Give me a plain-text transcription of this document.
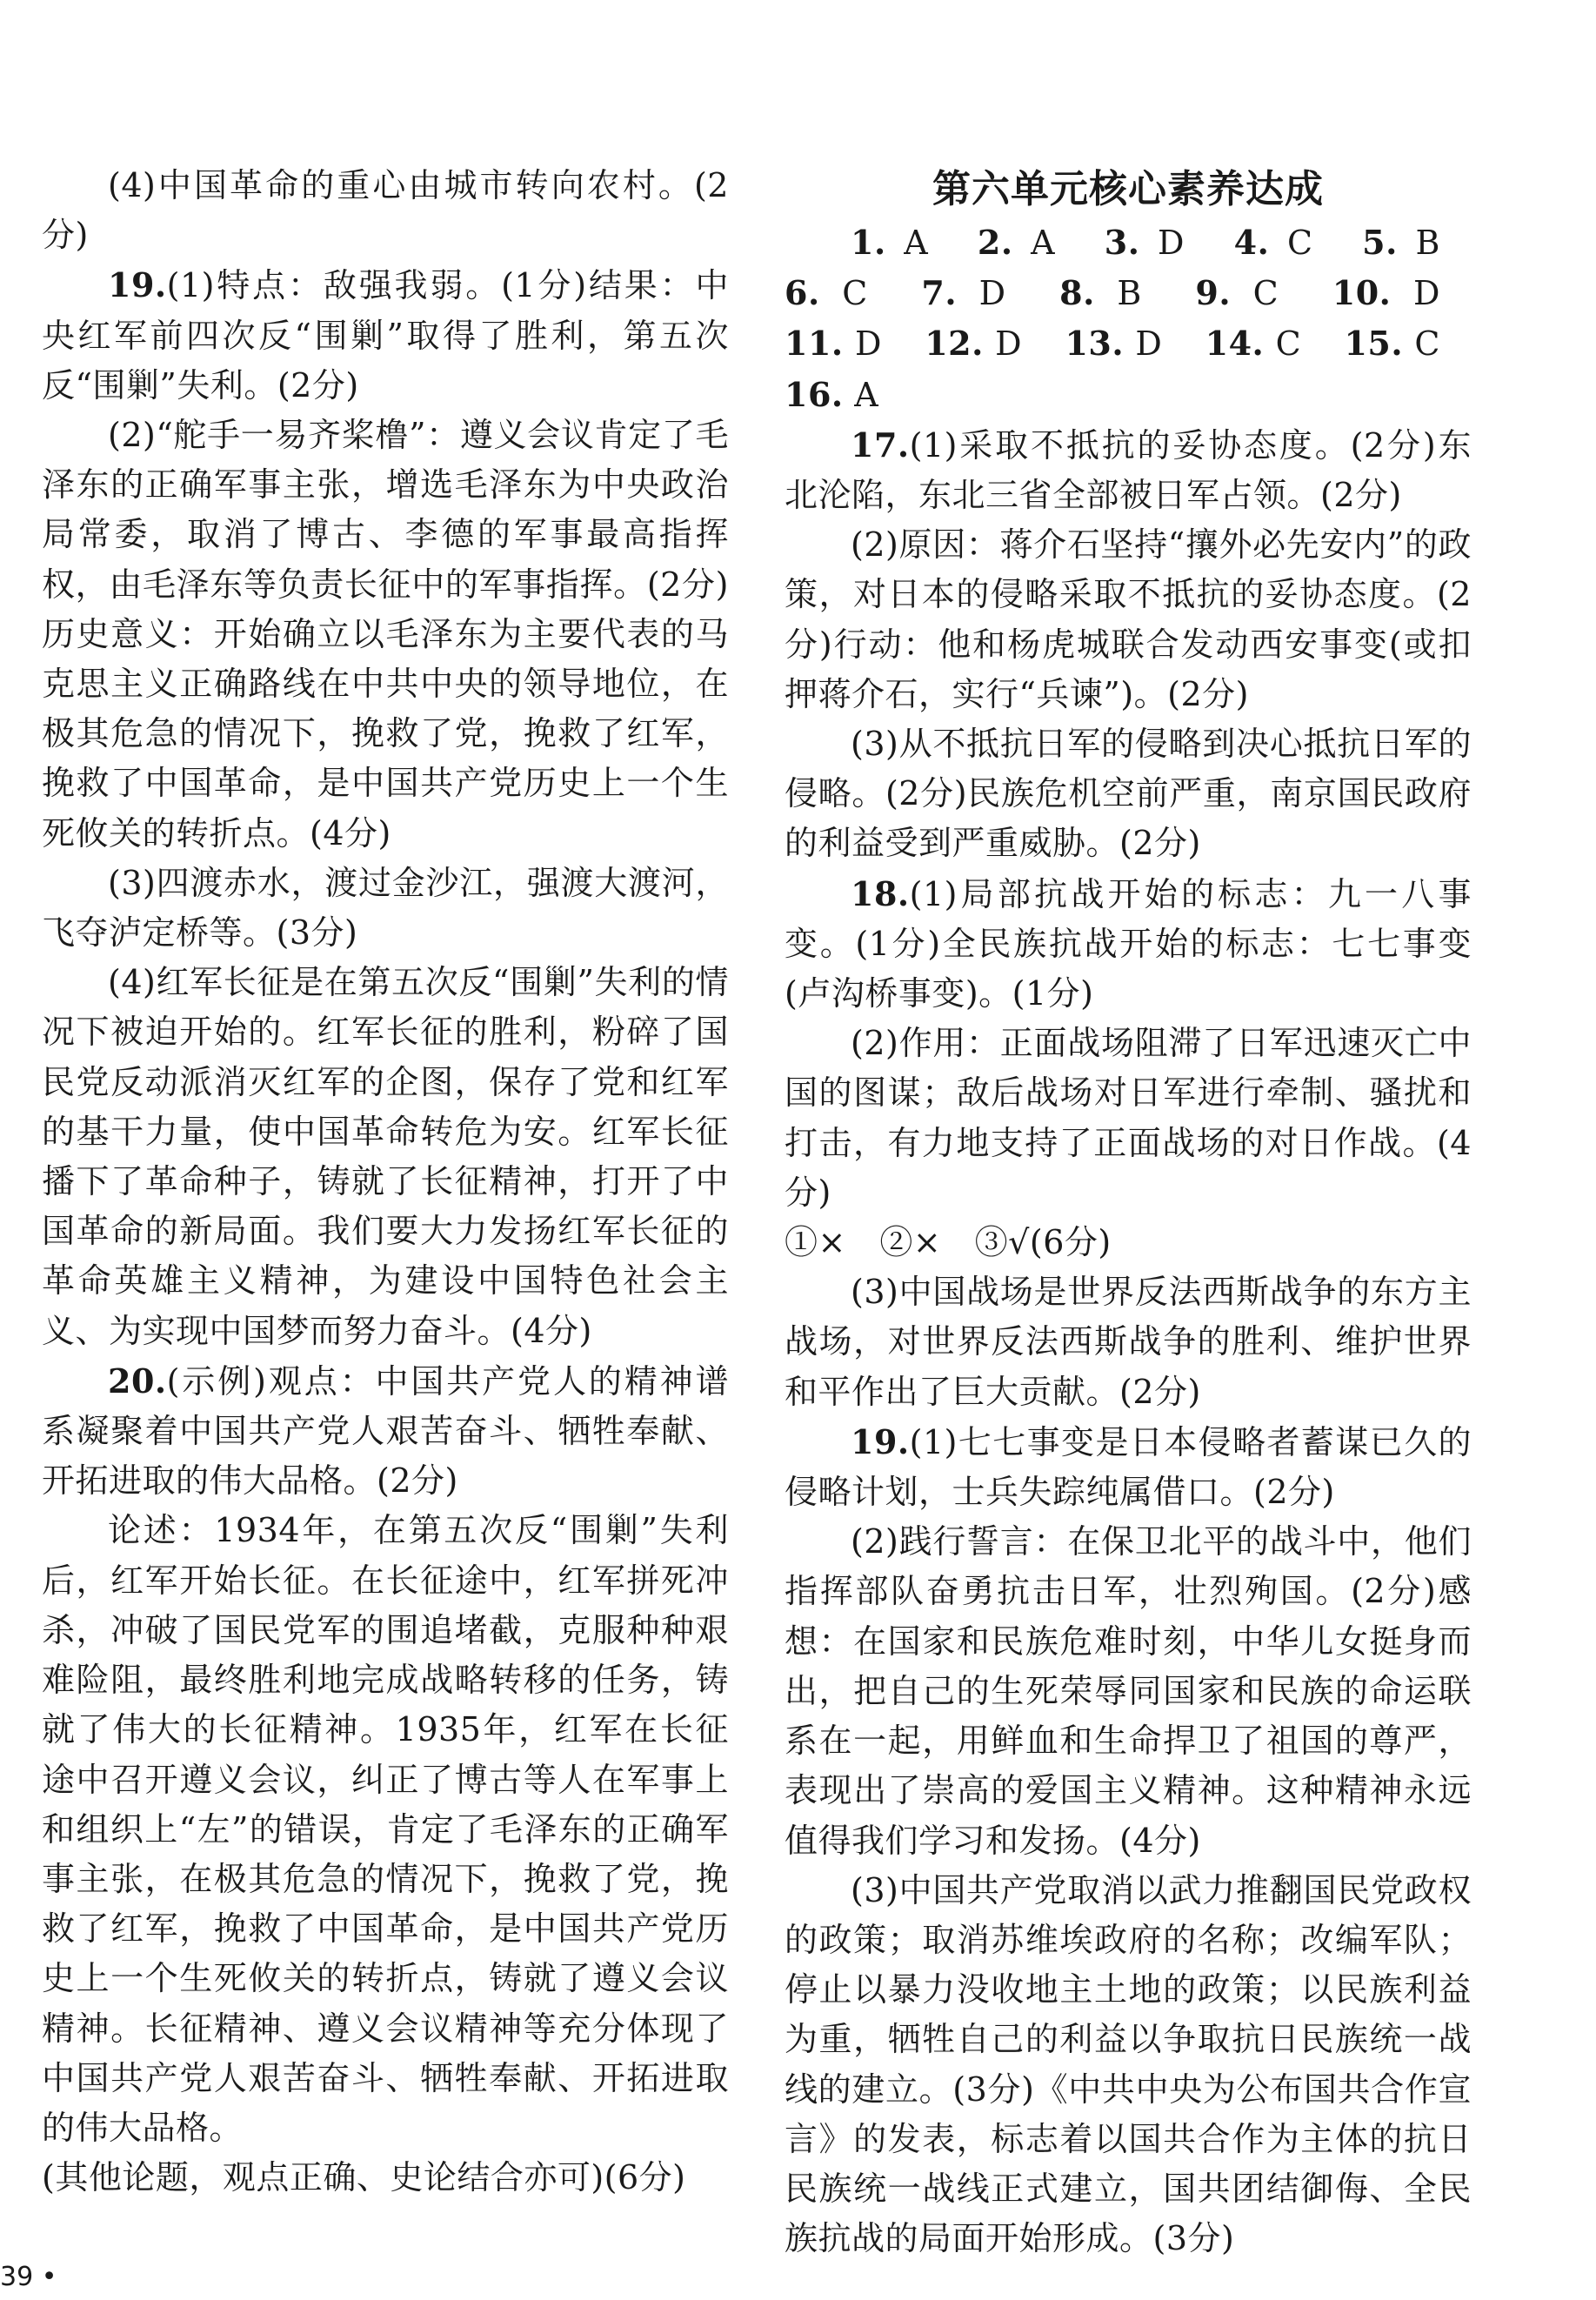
(4)中国革命的重心由城市转向农村。(2分)

19.(1)特点：敌强我弱。(1分)结果：中央红军前四次反“围剿”取得了胜利，第五次反“围剿”失利。(2分)

(2)“舵手一易齐桨橹”：遵义会议肯定了毛泽东的正确军事主张，增选毛泽东为中央政治局常委，取消了博古、李德的军事最高指挥权，由毛泽东等负责长征中的军事指挥。(2分)历史意义：开始确立以毛泽东为主要代表的马克思主义正确路线在中共中央的领导地位，在极其危急的情况下，挽救了党，挽救了红军，挽救了中国革命，是中国共产党历史上一个生死攸关的转折点。(4分)

(3)四渡赤水，渡过金沙江，强渡大渡河，飞夺泸定桥等。(3分)

(4)红军长征是在第五次反“围剿”失利的情况下被迫开始的。红军长征的胜利，粉碎了国民党反动派消灭红军的企图，保存了党和红军的基干力量，使中国革命转危为安。红军长征播下了革命种子，铸就了长征精神，打开了中国革命的新局面。我们要大力发扬红军长征的革命英雄主义精神，为建设中国特色社会主义、为实现中国梦而努力奋斗。(4分)

20.(示例)观点：中国共产党人的精神谱系凝聚着中国共产党人艰苦奋斗、牺牲奉献、开拓进取的伟大品格。(2分)

论述：1934年，在第五次反“围剿”失利后，红军开始长征。在长征途中，红军拼死冲杀，冲破了国民党军的围追堵截，克服种种艰难险阻，最终胜利地完成战略转移的任务，铸就了伟大的长征精神。1935年，红军在长征途中召开遵义会议，纠正了博古等人在军事上和组织上“左”的错误，肯定了毛泽东的正确军事主张，在极其危急的情况下，挽救了党，挽救了红军，挽救了中国革命，是中国共产党历史上一个生死攸关的转折点，铸就了遵义会议精神。长征精神、遵义会议精神等充分体现了中国共产党人艰苦奋斗、牺牲奉献、开拓进取的伟大品格。

(其他论题，观点正确、史论结合亦可)(6分)

第六单元核心素养达成

1. A 2. A 3. D 4. C 5. B 6. C 7. D 8. B 9. C 10. D 11. D 12. D 13. D 14. C 15. C 16. A

17.(1)采取不抵抗的妥协态度。(2分)东北沦陷，东北三省全部被日军占领。(2分)

(2)原因：蒋介石坚持“攘外必先安内”的政策，对日本的侵略采取不抵抗的妥协态度。(2分)行动：他和杨虎城联合发动西安事变(或扣押蒋介石，实行“兵谏”)。(2分)

(3)从不抵抗日军的侵略到决心抵抗日军的侵略。(2分)民族危机空前严重，南京国民政府的利益受到严重威胁。(2分)

18.(1)局部抗战开始的标志：九一八事变。(1分)全民族抗战开始的标志：七七事变(卢沟桥事变)。(1分)

(2)作用：正面战场阻滞了日军迅速灭亡中国的图谋；敌后战场对日军进行牵制、骚扰和打击，有力地支持了正面战场的对日作战。(4分)

①×　②×　③√(6分)

(3)中国战场是世界反法西斯战争的东方主战场，对世界反法西斯战争的胜利、维护世界和平作出了巨大贡献。(2分)

19.(1)七七事变是日本侵略者蓄谋已久的侵略计划，士兵失踪纯属借口。(2分)

(2)践行誓言：在保卫北平的战斗中，他们指挥部队奋勇抗击日军，壮烈殉国。(2分)感想：在国家和民族危难时刻，中华儿女挺身而出，把自己的生死荣辱同国家和民族的命运联系在一起，用鲜血和生命捍卫了祖国的尊严，表现出了崇高的爱国主义精神。这种精神永远值得我们学习和发扬。(4分)

(3)中国共产党取消以武力推翻国民党政权的政策；取消苏维埃政府的名称；改编军队；停止以暴力没收地主土地的政策；以民族利益为重，牺牲自己的利益以争取抗日民族统一战线的建立。(3分)《中共中央为公布国共合作宣言》的发表，标志着以国共合作为主体的抗日民族统一战线正式建立，国共团结御侮、全民族抗战的局面开始形成。(3分)

39 •
